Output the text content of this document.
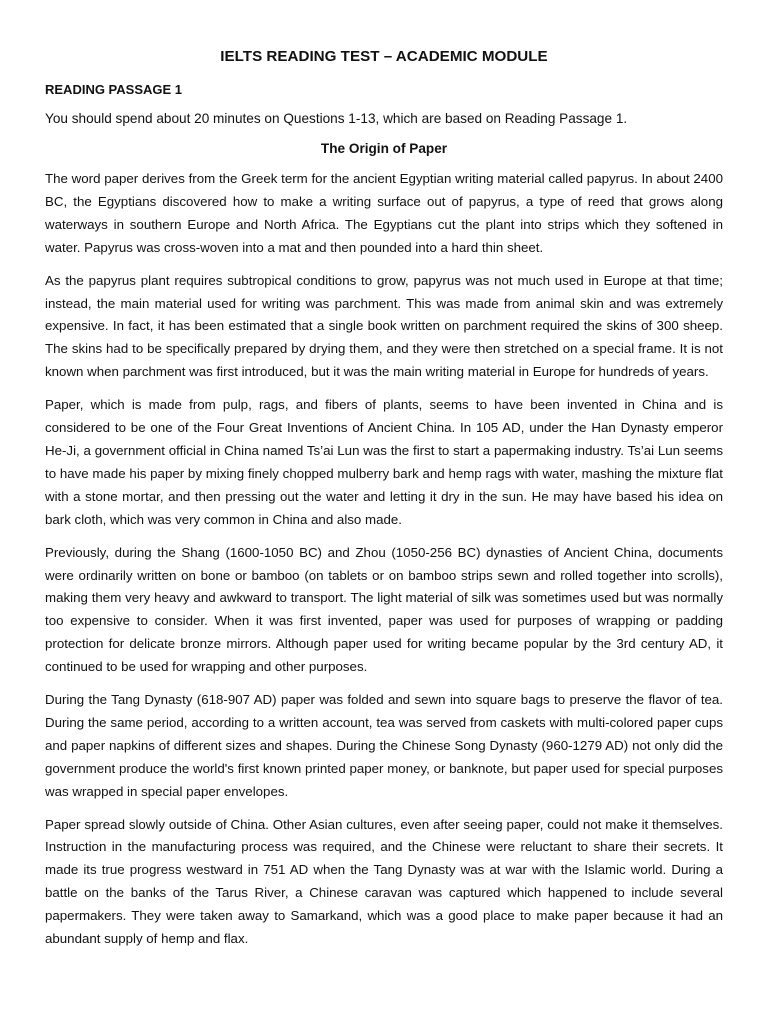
IELTS READING TEST – ACADEMIC MODULE
READING PASSAGE 1
You should spend about 20 minutes on Questions 1-13, which are based on Reading Passage 1.
The Origin of Paper

The word paper derives from the Greek term for the ancient Egyptian writing material called papyrus. In about 2400 BC, the Egyptians discovered how to make a writing surface out of papyrus, a type of reed that grows along waterways in southern Europe and North Africa. The Egyptians cut the plant into strips which they softened in water. Papyrus was cross-woven into a mat and then pounded into a hard thin sheet.

As the papyrus plant requires subtropical conditions to grow, papyrus was not much used in Europe at that time; instead, the main material used for writing was parchment. This was made from animal skin and was extremely expensive. In fact, it has been estimated that a single book written on parchment required the skins of 300 sheep. The skins had to be specifically prepared by drying them, and they were then stretched on a special frame. It is not known when parchment was first introduced, but it was the main writing material in Europe for hundreds of years.

Paper, which is made from pulp, rags, and fibers of plants, seems to have been invented in China and is considered to be one of the Four Great Inventions of Ancient China. In 105 AD, under the Han Dynasty emperor He-Ji, a government official in China named Ts’ai Lun was the first to start a papermaking industry. Ts’ai Lun seems to have made his paper by mixing finely chopped mulberry bark and hemp rags with water, mashing the mixture flat with a stone mortar, and then pressing out the water and letting it dry in the sun. He may have based his idea on bark cloth, which was very common in China and also made.

Previously, during the Shang (1600-1050 BC) and Zhou (1050-256 BC) dynasties of Ancient China, documents were ordinarily written on bone or bamboo (on tablets or on bamboo strips sewn and rolled together into scrolls), making them very heavy and awkward to transport. The light material of silk was sometimes used but was normally too expensive to consider. When it was first invented, paper was used for purposes of wrapping or padding protection for delicate bronze mirrors. Although paper used for writing became popular by the 3rd century AD, it continued to be used for wrapping and other purposes.

During the Tang Dynasty (618-907 AD) paper was folded and sewn into square bags to preserve the flavor of tea. During the same period, according to a written account, tea was served from caskets with multi-colored paper cups and paper napkins of different sizes and shapes. During the Chinese Song Dynasty (960-1279 AD) not only did the government produce the world's first known printed paper money, or banknote, but paper used for special purposes was wrapped in special paper envelopes.

Paper spread slowly outside of China. Other Asian cultures, even after seeing paper, could not make it themselves. Instruction in the manufacturing process was required, and the Chinese were reluctant to share their secrets. It made its true progress westward in 751 AD when the Tang Dynasty was at war with the Islamic world. During a battle on the banks of the Tarus River, a Chinese caravan was captured which happened to include several papermakers. They were taken away to Samarkand, which was a good place to make paper because it had an abundant supply of hemp and flax.
